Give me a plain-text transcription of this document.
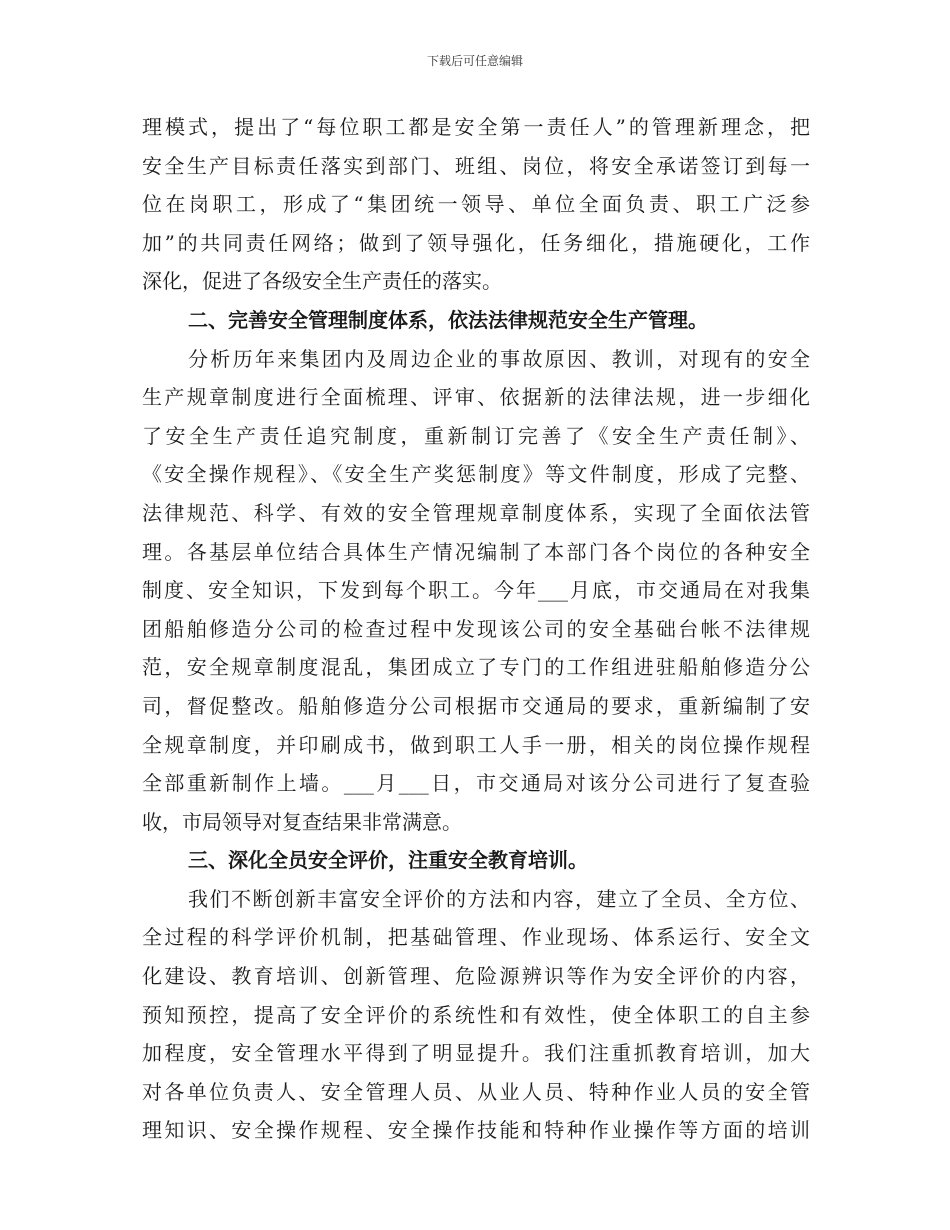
下载后可任意编辑
理模式，提出了“每位职工都是安全第一责任人”的管理新理念，把
安全生产目标责任落实到部门、班组、岗位，将安全承诺签订到每一
位在岗职工，形成了“集团统一领导、单位全面负责、职工广泛参
加”的共同责任网络；做到了领导强化，任务细化，措施硬化，工作
深化，促进了各级安全生产责任的落实。
二、完善安全管理制度体系，依法法律规范安全生产管理。
分析历年来集团内及周边企业的事故原因、教训，对现有的安全
生产规章制度进行全面梳理、评审、依据新的法律法规，进一步细化
了安全生产责任追究制度，重新制订完善了《安全生产责任制》、
《安全操作规程》、《安全生产奖惩制度》等文件制度，形成了完整、
法律规范、科学、有效的安全管理规章制度体系，实现了全面依法管
理。各基层单位结合具体生产情况编制了本部门各个岗位的各种安全
制度、安全知识，下发到每个职工。今年___月底，市交通局在对我集
团船舶修造分公司的检查过程中发现该公司的安全基础台帐不法律规
范，安全规章制度混乱，集团成立了专门的工作组进驻船舶修造分公
司，督促整改。船舶修造分公司根据市交通局的要求，重新编制了安
全规章制度，并印刷成书，做到职工人手一册，相关的岗位操作规程
全部重新制作上墙。___月___日，市交通局对该分公司进行了复查验
收，市局领导对复查结果非常满意。
三、深化全员安全评价，注重安全教育培训。
我们不断创新丰富安全评价的方法和内容，建立了全员、全方位、
全过程的科学评价机制，把基础管理、作业现场、体系运行、安全文
化建设、教育培训、创新管理、危险源辨识等作为安全评价的内容，
预知预控，提高了安全评价的系统性和有效性，使全体职工的自主参
加程度，安全管理水平得到了明显提升。我们注重抓教育培训，加大
对各单位负责人、安全管理人员、从业人员、特种作业人员的安全管
理知识、安全操作规程、安全操作技能和特种作业操作等方面的培训
